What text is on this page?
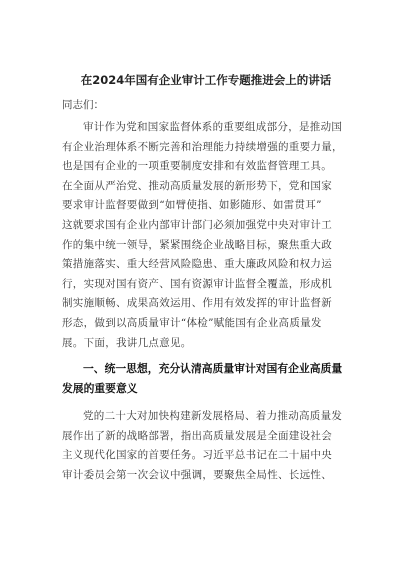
在2024年国有企业审计工作专题推进会上的讲话
同志们：
审计作为党和国家监督体系的重要组成部分，是推动国
有企业治理体系不断完善和治理能力持续增强的重要力量，
也是国有企业的一项重要制度安排和有效监督管理工具。
在全面从严治党、推动高质量发展的新形势下，党和国家
要求审计监督要做到“如臂使指、如影随形、如雷贯耳”
这就要求国有企业内部审计部门必须加强党中央对审计工
作的集中统一领导，紧紧围绕企业战略目标，聚焦重大政
策措施落实、重大经营风险隐患、重大廉政风险和权力运
行，实现对国有资产、国有资源审计监督全覆盖，形成机
制实施顺畅、成果高效运用、作用有效发挥的审计监督新
形态，做到以高质量审计“体检”赋能国有企业高质量发
展。下面，我讲几点意见。
一、统一思想，充分认清高质量审计对国有企业高质量
发展的重要意义
党的二十大对加快构建新发展格局、着力推动高质量发
展作出了新的战略部署，指出高质量发展是全面建设社会
主义现代化国家的首要任务。习近平总书记在二十届中央
审计委员会第一次会议中强调，要聚焦全局性、长远性、
